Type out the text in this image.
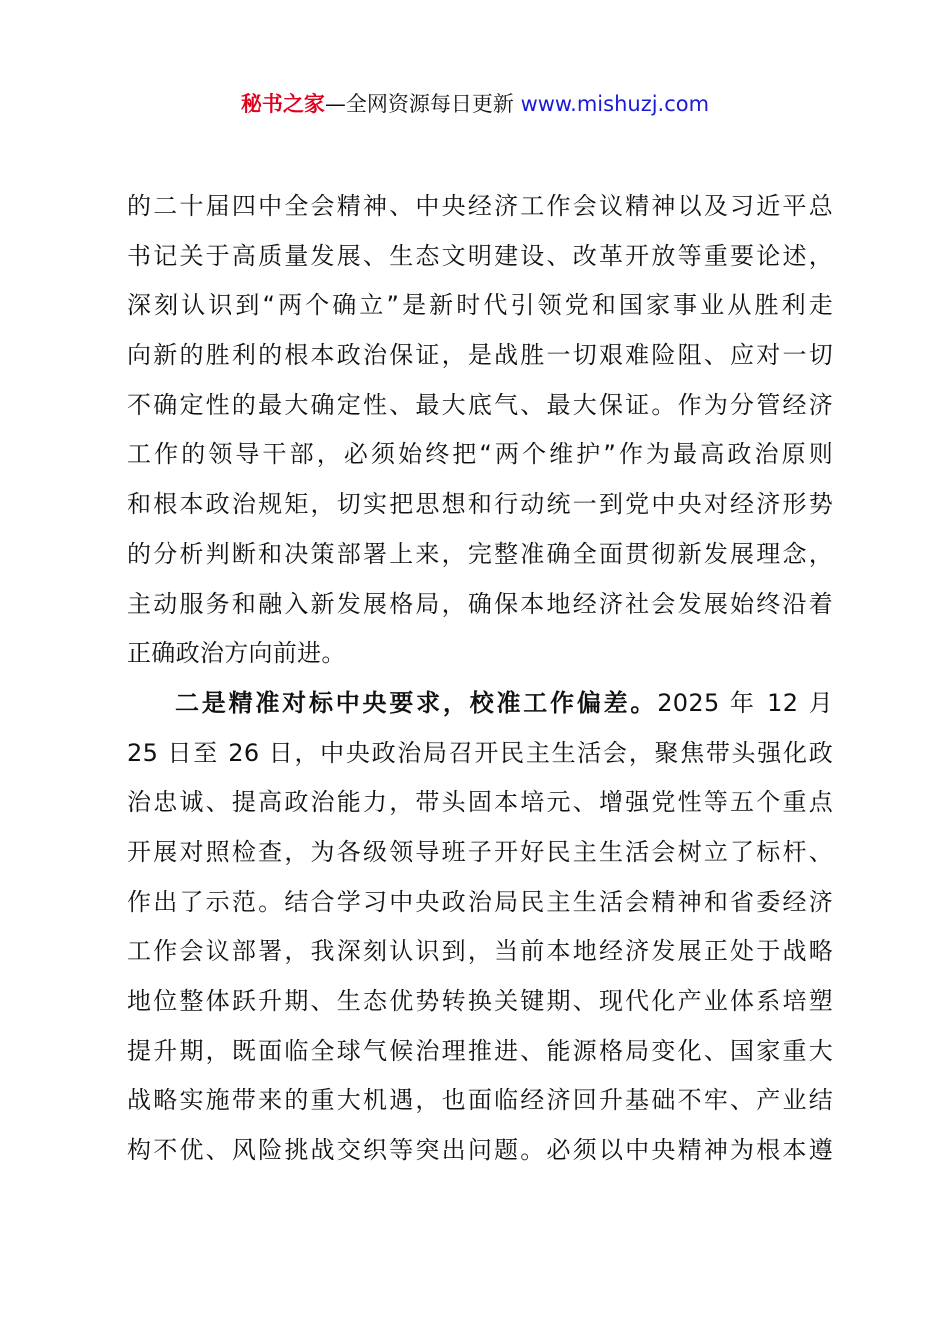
秘书之家—全网资源每日更新 www.mishuzj.com
的二十届四中全会精神、中央经济工作会议精神以及习近平总
书记关于高质量发展、生态文明建设、改革开放等重要论述，
深刻认识到“两个确立”是新时代引领党和国家事业从胜利走
向新的胜利的根本政治保证，是战胜一切艰难险阻、应对一切
不确定性的最大确定性、最大底气、最大保证。作为分管经济
工作的领导干部，必须始终把“两个维护”作为最高政治原则
和根本政治规矩，切实把思想和行动统一到党中央对经济形势
的分析判断和决策部署上来，完整准确全面贯彻新发展理念，
主动服务和融入新发展格局，确保本地经济社会发展始终沿着
正确政治方向前进。
二是精准对标中央要求，校准工作偏差。2025 年 12 月
25 日至 26 日，中央政治局召开民主生活会，聚焦带头强化政
治忠诚、提高政治能力，带头固本培元、增强党性等五个重点
开展对照检查，为各级领导班子开好民主生活会树立了标杆、
作出了示范。结合学习中央政治局民主生活会精神和省委经济
工作会议部署，我深刻认识到，当前本地经济发展正处于战略
地位整体跃升期、生态优势转换关键期、现代化产业体系培塑
提升期，既面临全球气候治理推进、能源格局变化、国家重大
战略实施带来的重大机遇，也面临经济回升基础不牢、产业结
构不优、风险挑战交织等突出问题。必须以中央精神为根本遵
